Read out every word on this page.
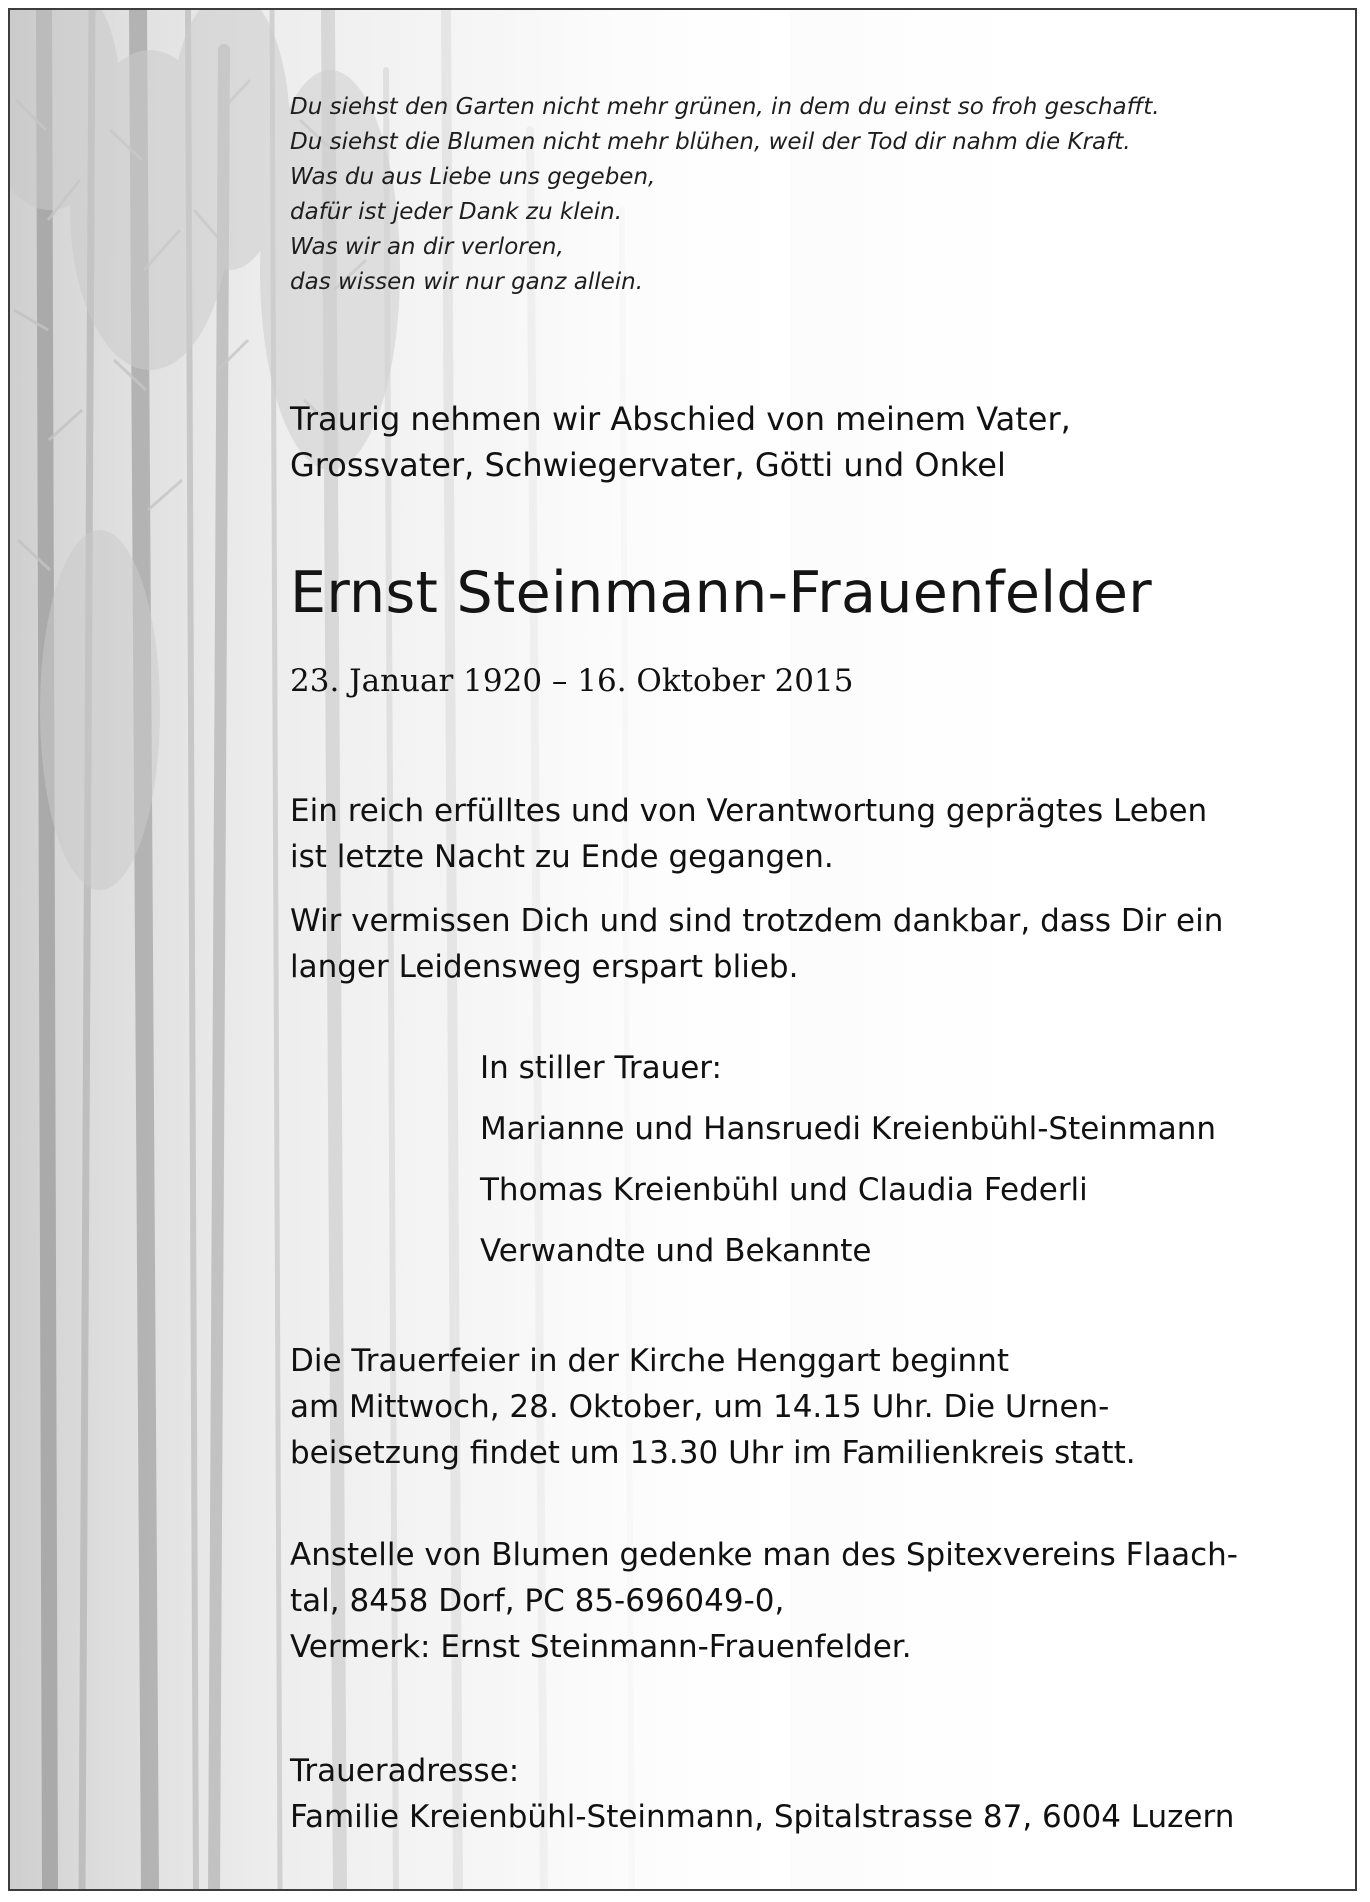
Du siehst den Garten nicht mehr grünen, in dem du einst so froh geschafft.
Du siehst die Blumen nicht mehr blühen, weil der Tod dir nahm die Kraft.
Was du aus Liebe uns gegeben,
dafür ist jeder Dank zu klein.
Was wir an dir verloren,
das wissen wir nur ganz allein.
Traurig nehmen wir Abschied von meinem Vater,
Grossvater, Schwiegervater, Götti und Onkel
Ernst Steinmann-Frauenfelder
23. Januar 1920 – 16. Oktober 2015
Ein reich erfülltes und von Verantwortung geprägtes Leben
ist letzte Nacht zu Ende gegangen.
Wir vermissen Dich und sind trotzdem dankbar, dass Dir ein
langer Leidensweg erspart blieb.
In stiller Trauer:
Marianne und Hansruedi Kreienbühl-Steinmann
Thomas Kreienbühl und Claudia Federli
Verwandte und Bekannte
Die Trauerfeier in der Kirche Henggart beginnt
am Mittwoch, 28. Oktober, um 14.15 Uhr. Die Urnen-
beisetzung findet um 13.30 Uhr im Familienkreis statt.
Anstelle von Blumen gedenke man des Spitexvereins Flaach-
tal, 8458 Dorf, PC 85-696049-0,
Vermerk: Ernst Steinmann-Frauenfelder.
Traueradresse:
Familie Kreienbühl-Steinmann, Spitalstrasse 87, 6004 Luzern
